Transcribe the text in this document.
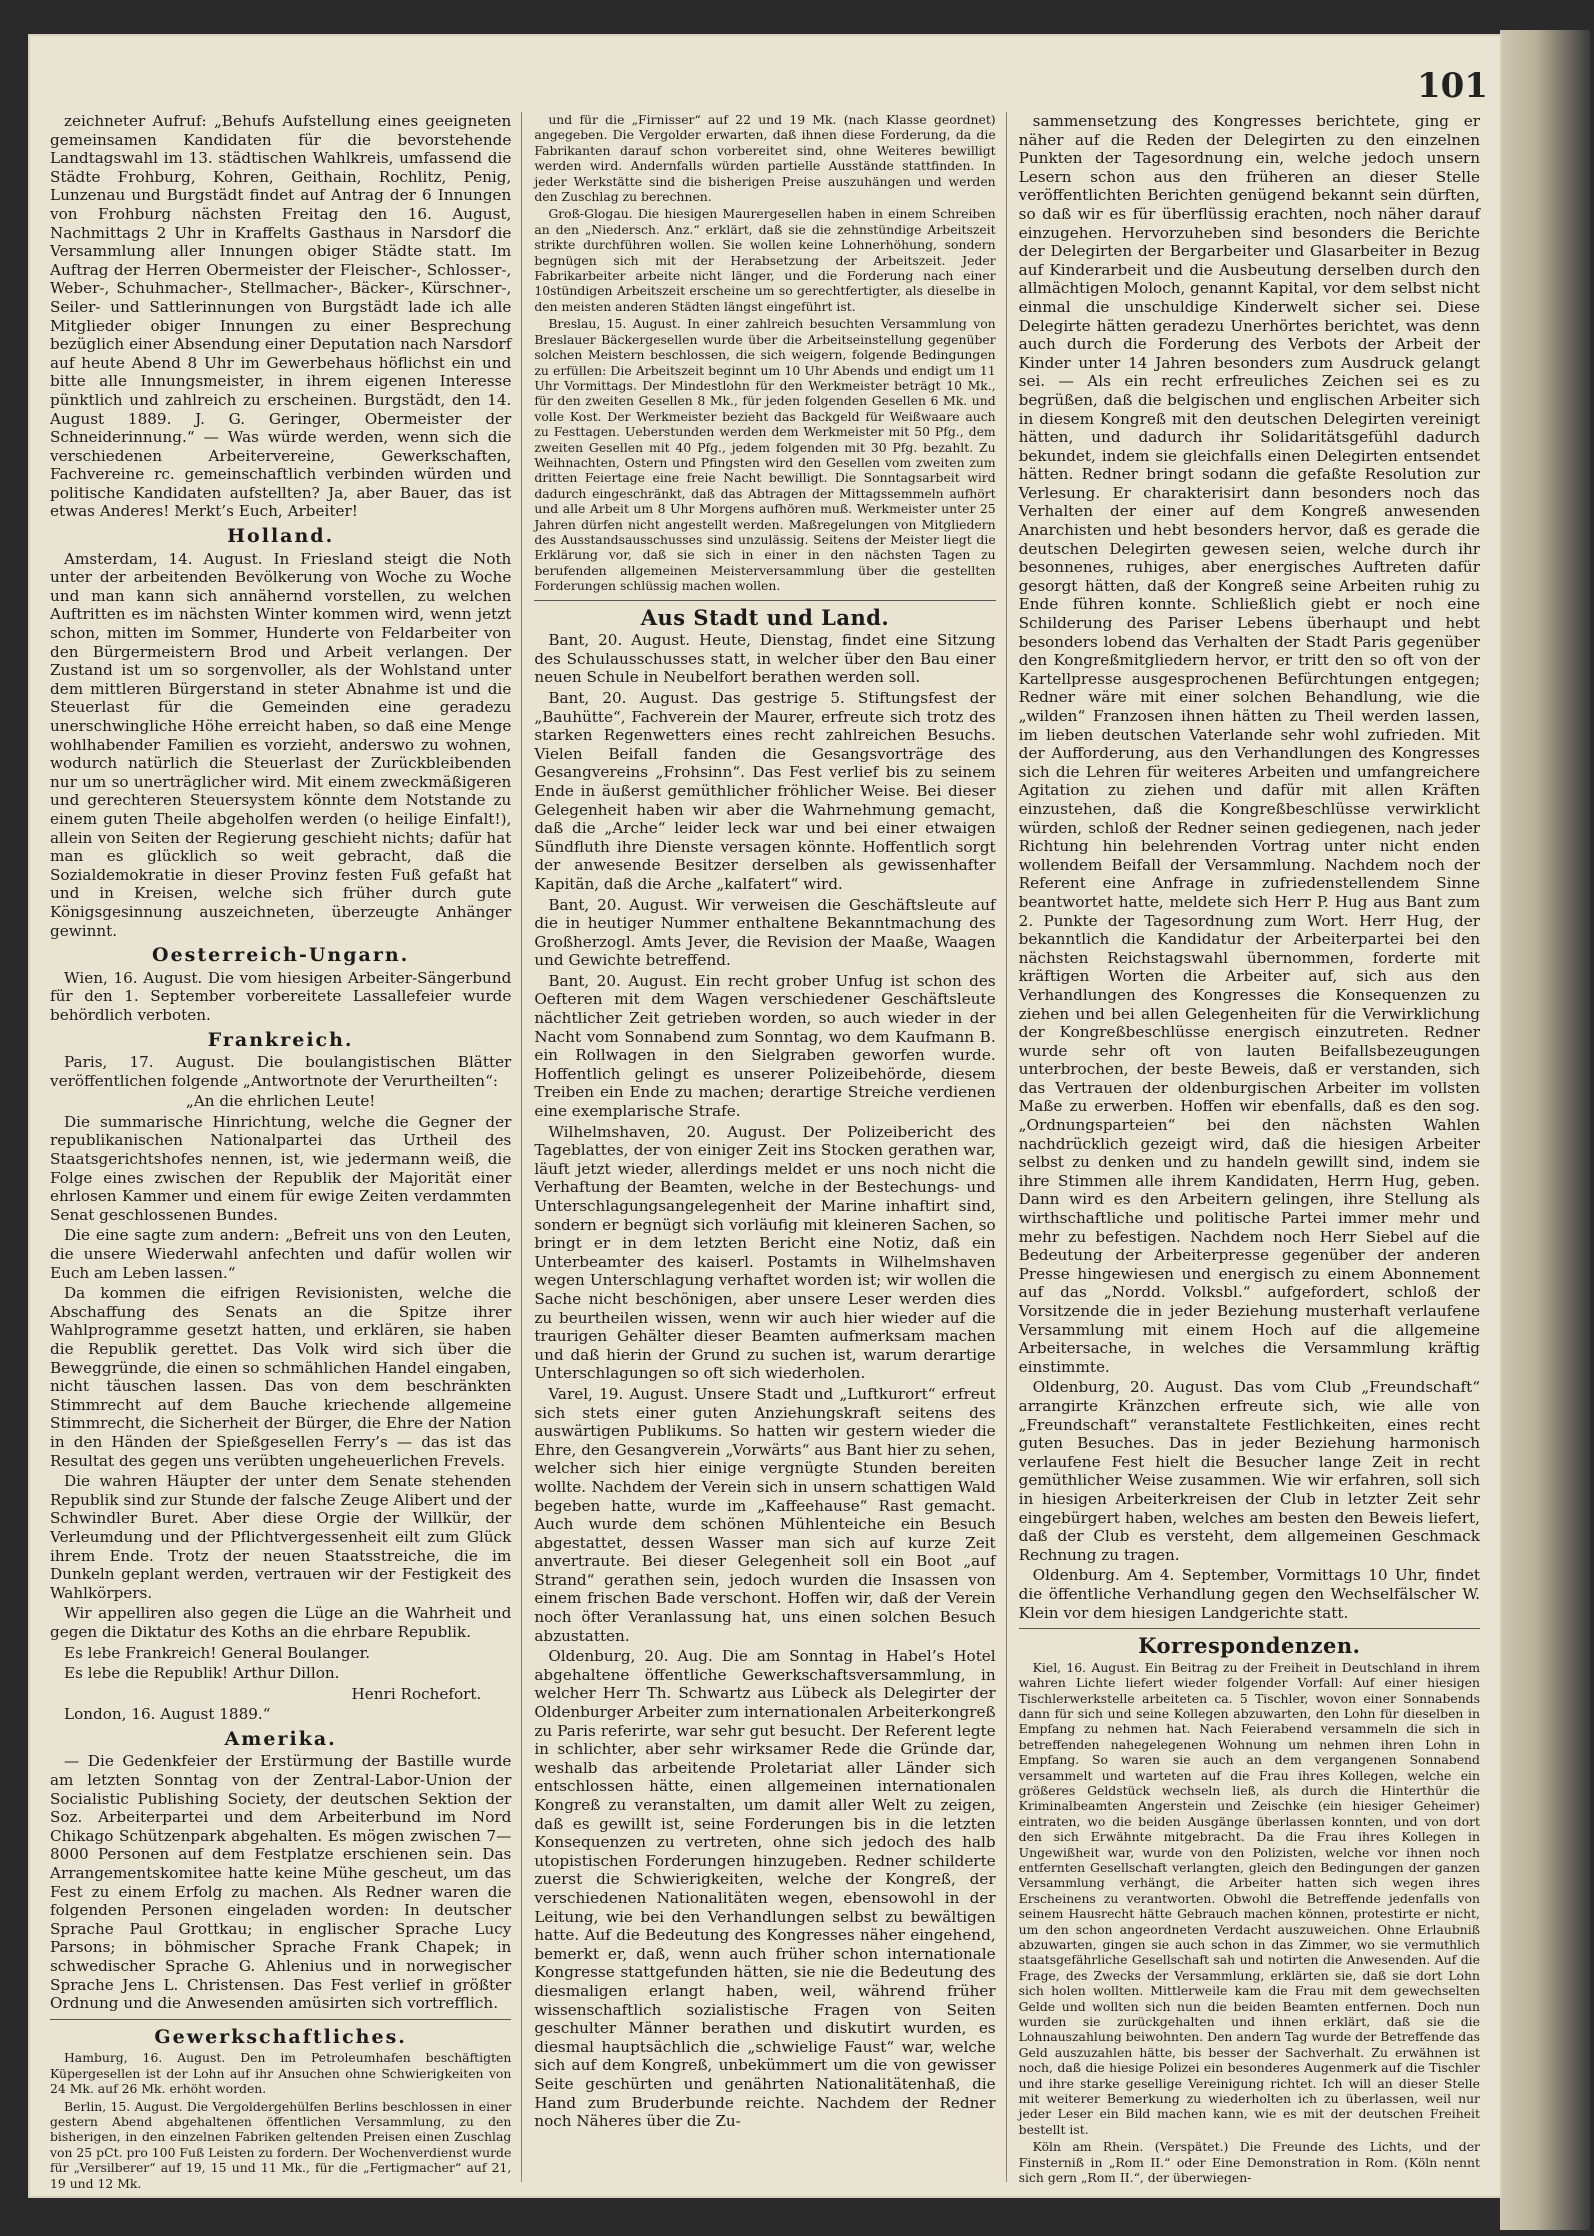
101

zeichneter Aufruf: „Behufs Aufstellung eines geeigneten gemeinsamen Kandidaten für die bevorstehende Landtagswahl im 13. städtischen Wahlkreis, umfassend die Städte Frohburg, Kohren, Geithain, Rochlitz, Penig, Lunzenau und Burgstädt findet auf Antrag der 6 Innungen von Frohburg nächsten Freitag den 16. August, Nachmittags 2 Uhr in Kraffelts Gasthaus in Narsdorf die Versammlung aller Innungen obiger Städte statt. Im Auftrag der Herren Obermeister der Fleischer-, Schlosser-, Weber-, Schuhmacher-, Stellmacher-, Bäcker-, Kürschner-, Seiler- und Sattlerinnungen von Burgstädt lade ich alle Mitglieder obiger Innungen zu einer Besprechung bezüglich einer Absendung einer Deputation nach Narsdorf auf heute Abend 8 Uhr im Gewerbehaus höflichst ein und bitte alle Innungsmeister, in ihrem eigenen Interesse pünktlich und zahlreich zu erscheinen. Burgstädt, den 14. August 1889. J. G. Geringer, Obermeister der Schneiderinnung.“ — Was würde werden, wenn sich die verschiedenen Arbeitervereine, Gewerkschaften, Fachvereine rc. gemeinschaftlich verbinden würden und politische Kandidaten aufstellten? Ja, aber Bauer, das ist etwas Anderes! Merkt’s Euch, Arbeiter!

Holland.

Amsterdam, 14. August. In Friesland steigt die Noth unter der arbeitenden Bevölkerung von Woche zu Woche und man kann sich annähernd vorstellen, zu welchen Auftritten es im nächsten Winter kommen wird, wenn jetzt schon, mitten im Sommer, Hunderte von Feldarbeiter von den Bürgermeistern Brod und Arbeit verlangen. Der Zustand ist um so sorgenvoller, als der Wohlstand unter dem mittleren Bürgerstand in steter Abnahme ist und die Steuerlast für die Gemeinden eine geradezu unerschwingliche Höhe erreicht haben, so daß eine Menge wohlhabender Familien es vorzieht, anderswo zu wohnen, wodurch natürlich die Steuerlast der Zurückbleibenden nur um so unerträglicher wird. Mit einem zweckmäßigeren und gerechteren Steuersystem könnte dem Notstande zu einem guten Theile abgeholfen werden (o heilige Einfalt!), allein von Seiten der Regierung geschieht nichts; dafür hat man es glücklich so weit gebracht, daß die Sozialdemokratie in dieser Provinz festen Fuß gefaßt hat und in Kreisen, welche sich früher durch gute Königsgesinnung auszeichneten, überzeugte Anhänger gewinnt.

Oesterreich-Ungarn.

Wien, 16. August. Die vom hiesigen Arbeiter-Sängerbund für den 1. September vorbereitete Lassallefeier wurde behördlich verboten.

Frankreich.

Paris, 17. August. Die boulangistischen Blätter veröffentlichen folgende „Antwortnote der Verurtheilten“:

„An die ehrlichen Leute!

Die summarische Hinrichtung, welche die Gegner der republikanischen Nationalpartei das Urtheil des Staatsgerichtshofes nennen, ist, wie jedermann weiß, die Folge eines zwischen der Republik der Majorität einer ehrlosen Kammer und einem für ewige Zeiten verdammten Senat geschlossenen Bundes.

Die eine sagte zum andern: „Befreit uns von den Leuten, die unsere Wiederwahl anfechten und dafür wollen wir Euch am Leben lassen.“

Da kommen die eifrigen Revisionisten, welche die Abschaffung des Senats an die Spitze ihrer Wahlprogramme gesetzt hatten, und erklären, sie haben die Republik gerettet. Das Volk wird sich über die Beweggründe, die einen so schmählichen Handel eingaben, nicht täuschen lassen. Das von dem beschränkten Stimmrecht auf dem Bauche kriechende allgemeine Stimmrecht, die Sicherheit der Bürger, die Ehre der Nation in den Händen der Spießgesellen Ferry’s — das ist das Resultat des gegen uns verübten ungeheuerlichen Frevels.

Die wahren Häupter der unter dem Senate stehenden Republik sind zur Stunde der falsche Zeuge Alibert und der Schwindler Buret. Aber diese Orgie der Willkür, der Verleumdung und der Pflichtvergessenheit eilt zum Glück ihrem Ende. Trotz der neuen Staatsstreiche, die im Dunkeln geplant werden, vertrauen wir der Festigkeit des Wahlkörpers.

Wir appelliren also gegen die Lüge an die Wahrheit und gegen die Diktatur des Koths an die ehrbare Republik.

Es lebe Frankreich! General Boulanger.

Es lebe die Republik! Arthur Dillon.

Henri Rochefort.

London, 16. August 1889.“

Amerika.

— Die Gedenkfeier der Erstürmung der Bastille wurde am letzten Sonntag von der Zentral-Labor-Union der Socialistic Publishing Society, der deutschen Sektion der Soz. Arbeiterpartei und dem Arbeiterbund im Nord Chikago Schützenpark abgehalten. Es mögen zwischen 7—8000 Personen auf dem Festplatze erschienen sein. Das Arrangementskomitee hatte keine Mühe gescheut, um das Fest zu einem Erfolg zu machen. Als Redner waren die folgenden Personen eingeladen worden: In deutscher Sprache Paul Grottkau; in englischer Sprache Lucy Parsons; in böhmischer Sprache Frank Chapek; in schwedischer Sprache G. Ahlenius und in norwegischer Sprache Jens L. Christensen. Das Fest verlief in größter Ordnung und die Anwesenden amüsirten sich vortrefflich.

Gewerkschaftliches.

Hamburg, 16. August. Den im Petroleumhafen beschäftigten Küpergesellen ist der Lohn auf ihr Ansuchen ohne Schwierigkeiten von 24 Mk. auf 26 Mk. erhöht worden.

Berlin, 15. August. Die Vergoldergehülfen Berlins beschlossen in einer gestern Abend abgehaltenen öffentlichen Versammlung, zu den bisherigen, in den einzelnen Fabriken geltenden Preisen einen Zuschlag von 25 pCt. pro 100 Fuß Leisten zu fordern. Der Wochenverdienst wurde für „Versilberer“ auf 19, 15 und 11 Mk., für die „Fertigmacher“ auf 21, 19 und 12 Mk.

und für die „Firnisser“ auf 22 und 19 Mk. (nach Klasse geordnet) angegeben. Die Vergolder erwarten, daß ihnen diese Forderung, da die Fabrikanten darauf schon vorbereitet sind, ohne Weiteres bewilligt werden wird. Andernfalls würden partielle Ausstände stattfinden. In jeder Werkstätte sind die bisherigen Preise auszuhängen und werden den Zuschlag zu berechnen.

Groß-Glogau. Die hiesigen Maurergesellen haben in einem Schreiben an den „Niedersch. Anz.“ erklärt, daß sie die zehnstündige Arbeitszeit strikte durchführen wollen. Sie wollen keine Lohnerhöhung, sondern begnügen sich mit der Herabsetzung der Arbeitszeit. Jeder Fabrikarbeiter arbeite nicht länger, und die Forderung nach einer 10stündigen Arbeitszeit erscheine um so gerechtfertigter, als dieselbe in den meisten anderen Städten längst eingeführt ist.

Breslau, 15. August. In einer zahlreich besuchten Versammlung von Breslauer Bäckergesellen wurde über die Arbeitseinstellung gegenüber solchen Meistern beschlossen, die sich weigern, folgende Bedingungen zu erfüllen: Die Arbeitszeit beginnt um 10 Uhr Abends und endigt um 11 Uhr Vormittags. Der Mindestlohn für den Werkmeister beträgt 10 Mk., für den zweiten Gesellen 8 Mk., für jeden folgenden Gesellen 6 Mk. und volle Kost. Der Werkmeister bezieht das Backgeld für Weißwaare auch zu Festtagen. Ueberstunden werden dem Werkmeister mit 50 Pfg., dem zweiten Gesellen mit 40 Pfg., jedem folgenden mit 30 Pfg. bezahlt. Zu Weihnachten, Ostern und Pfingsten wird den Gesellen vom zweiten zum dritten Feiertage eine freie Nacht bewilligt. Die Sonntagsarbeit wird dadurch eingeschränkt, daß das Abtragen der Mittagssemmeln aufhört und alle Arbeit um 8 Uhr Morgens aufhören muß. Werkmeister unter 25 Jahren dürfen nicht angestellt werden. Maßregelungen von Mitgliedern des Ausstandsausschusses sind unzulässig. Seitens der Meister liegt die Erklärung vor, daß sie sich in einer in den nächsten Tagen zu berufenden allgemeinen Meisterversammlung über die gestellten Forderungen schlüssig machen wollen.

Aus Stadt und Land.

Bant, 20. August. Heute, Dienstag, findet eine Sitzung des Schulausschusses statt, in welcher über den Bau einer neuen Schule in Neubelfort berathen werden soll.

Bant, 20. August. Das gestrige 5. Stiftungsfest der „Bauhütte“, Fachverein der Maurer, erfreute sich trotz des starken Regenwetters eines recht zahlreichen Besuchs. Vielen Beifall fanden die Gesangsvorträge des Gesangvereins „Frohsinn“. Das Fest verlief bis zu seinem Ende in äußerst gemüthlicher fröhlicher Weise. Bei dieser Gelegenheit haben wir aber die Wahrnehmung gemacht, daß die „Arche“ leider leck war und bei einer etwaigen Sündfluth ihre Dienste versagen könnte. Hoffentlich sorgt der anwesende Besitzer derselben als gewissenhafter Kapitän, daß die Arche „kalfatert“ wird.

Bant, 20. August. Wir verweisen die Geschäftsleute auf die in heutiger Nummer enthaltene Bekanntmachung des Großherzogl. Amts Jever, die Revision der Maaße, Waagen und Gewichte betreffend.

Bant, 20. August. Ein recht grober Unfug ist schon des Oefteren mit dem Wagen verschiedener Geschäftsleute nächtlicher Zeit getrieben worden, so auch wieder in der Nacht vom Sonnabend zum Sonntag, wo dem Kaufmann B. ein Rollwagen in den Sielgraben geworfen wurde. Hoffentlich gelingt es unserer Polizeibehörde, diesem Treiben ein Ende zu machen; derartige Streiche verdienen eine exemplarische Strafe.

Wilhelmshaven, 20. August. Der Polizeibericht des Tageblattes, der von einiger Zeit ins Stocken gerathen war, läuft jetzt wieder, allerdings meldet er uns noch nicht die Verhaftung der Beamten, welche in der Bestechungs- und Unterschlagungsangelegenheit der Marine inhaftirt sind, sondern er begnügt sich vorläufig mit kleineren Sachen, so bringt er in dem letzten Bericht eine Notiz, daß ein Unterbeamter des kaiserl. Postamts in Wilhelmshaven wegen Unterschlagung verhaftet worden ist; wir wollen die Sache nicht beschönigen, aber unsere Leser werden dies zu beurtheilen wissen, wenn wir auch hier wieder auf die traurigen Gehälter dieser Beamten aufmerksam machen und daß hierin der Grund zu suchen ist, warum derartige Unterschlagungen so oft sich wiederholen.

Varel, 19. August. Unsere Stadt und „Luftkurort“ erfreut sich stets einer guten Anziehungskraft seitens des auswärtigen Publikums. So hatten wir gestern wieder die Ehre, den Gesangverein „Vorwärts“ aus Bant hier zu sehen, welcher sich hier einige vergnügte Stunden bereiten wollte. Nachdem der Verein sich in unsern schattigen Wald begeben hatte, wurde im „Kaffeehause“ Rast gemacht. Auch wurde dem schönen Mühlenteiche ein Besuch abgestattet, dessen Wasser man sich auf kurze Zeit anvertraute. Bei dieser Gelegenheit soll ein Boot „auf Strand“ gerathen sein, jedoch wurden die Insassen von einem frischen Bade verschont. Hoffen wir, daß der Verein noch öfter Veranlassung hat, uns einen solchen Besuch abzustatten.

Oldenburg, 20. Aug. Die am Sonntag in Habel’s Hotel abgehaltene öffentliche Gewerkschaftsversammlung, in welcher Herr Th. Schwartz aus Lübeck als Delegirter der Oldenburger Arbeiter zum internationalen Arbeiterkongreß zu Paris referirte, war sehr gut besucht. Der Referent legte in schlichter, aber sehr wirksamer Rede die Gründe dar, weshalb das arbeitende Proletariat aller Länder sich entschlossen hätte, einen allgemeinen internationalen Kongreß zu veranstalten, um damit aller Welt zu zeigen, daß es gewillt ist, seine Forderungen bis in die letzten Konsequenzen zu vertreten, ohne sich jedoch des halb utopistischen Forderungen hinzugeben. Redner schilderte zuerst die Schwierigkeiten, welche der Kongreß, der verschiedenen Nationalitäten wegen, ebensowohl in der Leitung, wie bei den Verhandlungen selbst zu bewältigen hatte. Auf die Bedeutung des Kongresses näher eingehend, bemerkt er, daß, wenn auch früher schon internationale Kongresse stattgefunden hätten, sie nie die Bedeutung des diesmaligen erlangt haben, weil, während früher wissenschaftlich sozialistische Fragen von Seiten geschulter Männer berathen und diskutirt wurden, es diesmal hauptsächlich die „schwielige Faust“ war, welche sich auf dem Kongreß, unbekümmert um die von gewisser Seite geschürten und genährten Nationalitätenhaß, die Hand zum Bruderbunde reichte. Nachdem der Redner noch Näheres über die Zu-

sammensetzung des Kongresses berichtete, ging er näher auf die Reden der Delegirten zu den einzelnen Punkten der Tagesordnung ein, welche jedoch unsern Lesern schon aus den früheren an dieser Stelle veröffentlichten Berichten genügend bekannt sein dürften, so daß wir es für überflüssig erachten, noch näher darauf einzugehen. Hervorzuheben sind besonders die Berichte der Delegirten der Bergarbeiter und Glasarbeiter in Bezug auf Kinderarbeit und die Ausbeutung derselben durch den allmächtigen Moloch, genannt Kapital, vor dem selbst nicht einmal die unschuldige Kinderwelt sicher sei. Diese Delegirte hätten geradezu Unerhörtes berichtet, was denn auch durch die Forderung des Verbots der Arbeit der Kinder unter 14 Jahren besonders zum Ausdruck gelangt sei. — Als ein recht erfreuliches Zeichen sei es zu begrüßen, daß die belgischen und englischen Arbeiter sich in diesem Kongreß mit den deutschen Delegirten vereinigt hätten, und dadurch ihr Solidaritätsgefühl dadurch bekundet, indem sie gleichfalls einen Delegirten entsendet hätten. Redner bringt sodann die gefaßte Resolution zur Verlesung. Er charakterisirt dann besonders noch das Verhalten der einer auf dem Kongreß anwesenden Anarchisten und hebt besonders hervor, daß es gerade die deutschen Delegirten gewesen seien, welche durch ihr besonnenes, ruhiges, aber energisches Auftreten dafür gesorgt hätten, daß der Kongreß seine Arbeiten ruhig zu Ende führen konnte. Schließlich giebt er noch eine Schilderung des Pariser Lebens überhaupt und hebt besonders lobend das Verhalten der Stadt Paris gegenüber den Kongreßmitgliedern hervor, er tritt den so oft von der Kartellpresse ausgesprochenen Befürchtungen entgegen; Redner wäre mit einer solchen Behandlung, wie die „wilden“ Franzosen ihnen hätten zu Theil werden lassen, im lieben deutschen Vaterlande sehr wohl zufrieden. Mit der Aufforderung, aus den Verhandlungen des Kongresses sich die Lehren für weiteres Arbeiten und umfangreichere Agitation zu ziehen und dafür mit allen Kräften einzustehen, daß die Kongreßbeschlüsse verwirklicht würden, schloß der Redner seinen gediegenen, nach jeder Richtung hin belehrenden Vortrag unter nicht enden wollendem Beifall der Versammlung. Nachdem noch der Referent eine Anfrage in zufriedenstellendem Sinne beantwortet hatte, meldete sich Herr P. Hug aus Bant zum 2. Punkte der Tagesordnung zum Wort. Herr Hug, der bekanntlich die Kandidatur der Arbeiterpartei bei den nächsten Reichstagswahl übernommen, forderte mit kräftigen Worten die Arbeiter auf, sich aus den Verhandlungen des Kongresses die Konsequenzen zu ziehen und bei allen Gelegenheiten für die Verwirklichung der Kongreßbeschlüsse energisch einzutreten. Redner wurde sehr oft von lauten Beifallsbezeugungen unterbrochen, der beste Beweis, daß er verstanden, sich das Vertrauen der oldenburgischen Arbeiter im vollsten Maße zu erwerben. Hoffen wir ebenfalls, daß es den sog. „Ordnungsparteien“ bei den nächsten Wahlen nachdrücklich gezeigt wird, daß die hiesigen Arbeiter selbst zu denken und zu handeln gewillt sind, indem sie ihre Stimmen alle ihrem Kandidaten, Herrn Hug, geben. Dann wird es den Arbeitern gelingen, ihre Stellung als wirthschaftliche und politische Partei immer mehr und mehr zu befestigen. Nachdem noch Herr Siebel auf die Bedeutung der Arbeiterpresse gegenüber der anderen Presse hingewiesen und energisch zu einem Abonnement auf das „Nordd. Volksbl.“ aufgefordert, schloß der Vorsitzende die in jeder Beziehung musterhaft verlaufene Versammlung mit einem Hoch auf die allgemeine Arbeitersache, in welches die Versammlung kräftig einstimmte.

Oldenburg, 20. August. Das vom Club „Freundschaft“ arrangirte Kränzchen erfreute sich, wie alle von „Freundschaft“ veranstaltete Festlichkeiten, eines recht guten Besuches. Das in jeder Beziehung harmonisch verlaufene Fest hielt die Besucher lange Zeit in recht gemüthlicher Weise zusammen. Wie wir erfahren, soll sich in hiesigen Arbeiterkreisen der Club in letzter Zeit sehr eingebürgert haben, welches am besten den Beweis liefert, daß der Club es versteht, dem allgemeinen Geschmack Rechnung zu tragen.

Oldenburg. Am 4. September, Vormittags 10 Uhr, findet die öffentliche Verhandlung gegen den Wechselfälscher W. Klein vor dem hiesigen Landgerichte statt.

Korrespondenzen.

Kiel, 16. August. Ein Beitrag zu der Freiheit in Deutschland in ihrem wahren Lichte liefert wieder folgender Vorfall: Auf einer hiesigen Tischlerwerkstelle arbeiteten ca. 5 Tischler, wovon einer Sonnabends dann für sich und seine Kollegen abzuwarten, den Lohn für dieselben in Empfang zu nehmen hat. Nach Feierabend versammeln die sich in betreffenden nahegelegenen Wohnung um nehmen ihren Lohn in Empfang. So waren sie auch an dem vergangenen Sonnabend versammelt und warteten auf die Frau ihres Kollegen, welche ein größeres Geldstück wechseln ließ, als durch die Hinterthür die Kriminalbeamten Angerstein und Zeischke (ein hiesiger Geheimer) eintraten, wo die beiden Ausgänge überlassen konnten, und von dort den sich Erwähnte mitgebracht. Da die Frau ihres Kollegen in Ungewißheit war, wurde von den Polizisten, welche vor ihnen noch entfernten Gesellschaft verlangten, gleich den Bedingungen der ganzen Versammlung verhängt, die Arbeiter hatten sich wegen ihres Erscheinens zu verantworten. Obwohl die Betreffende jedenfalls von seinem Hausrecht hätte Gebrauch machen können, protestirte er nicht, um den schon angeordneten Verdacht auszuweichen. Ohne Erlaubniß abzuwarten, gingen sie auch schon in das Zimmer, wo sie vermuthlich staatsgefährliche Gesellschaft sah und notirten die Anwesenden. Auf die Frage, des Zwecks der Versammlung, erklärten sie, daß sie dort Lohn sich holen wollten. Mittlerweile kam die Frau mit dem gewechselten Gelde und wollten sich nun die beiden Beamten entfernen. Doch nun wurden sie zurückgehalten und ihnen erklärt, daß sie die Lohnauszahlung beiwohnten. Den andern Tag wurde der Betreffende das Geld auszuzahlen hätte, bis besser der Sachverhalt. Zu erwähnen ist noch, daß die hiesige Polizei ein besonderes Augenmerk auf die Tischler und ihre starke gesellige Vereinigung richtet. Ich will an dieser Stelle mit weiterer Bemerkung zu wiederholten ich zu überlassen, weil nur jeder Leser ein Bild machen kann, wie es mit der deutschen Freiheit bestellt ist.

Köln am Rhein. (Verspätet.) Die Freunde des Lichts, und der Finsterniß in „Rom II.“ oder Eine Demonstration in Rom. (Köln nennt sich gern „Rom II.“, der überwiegen-
